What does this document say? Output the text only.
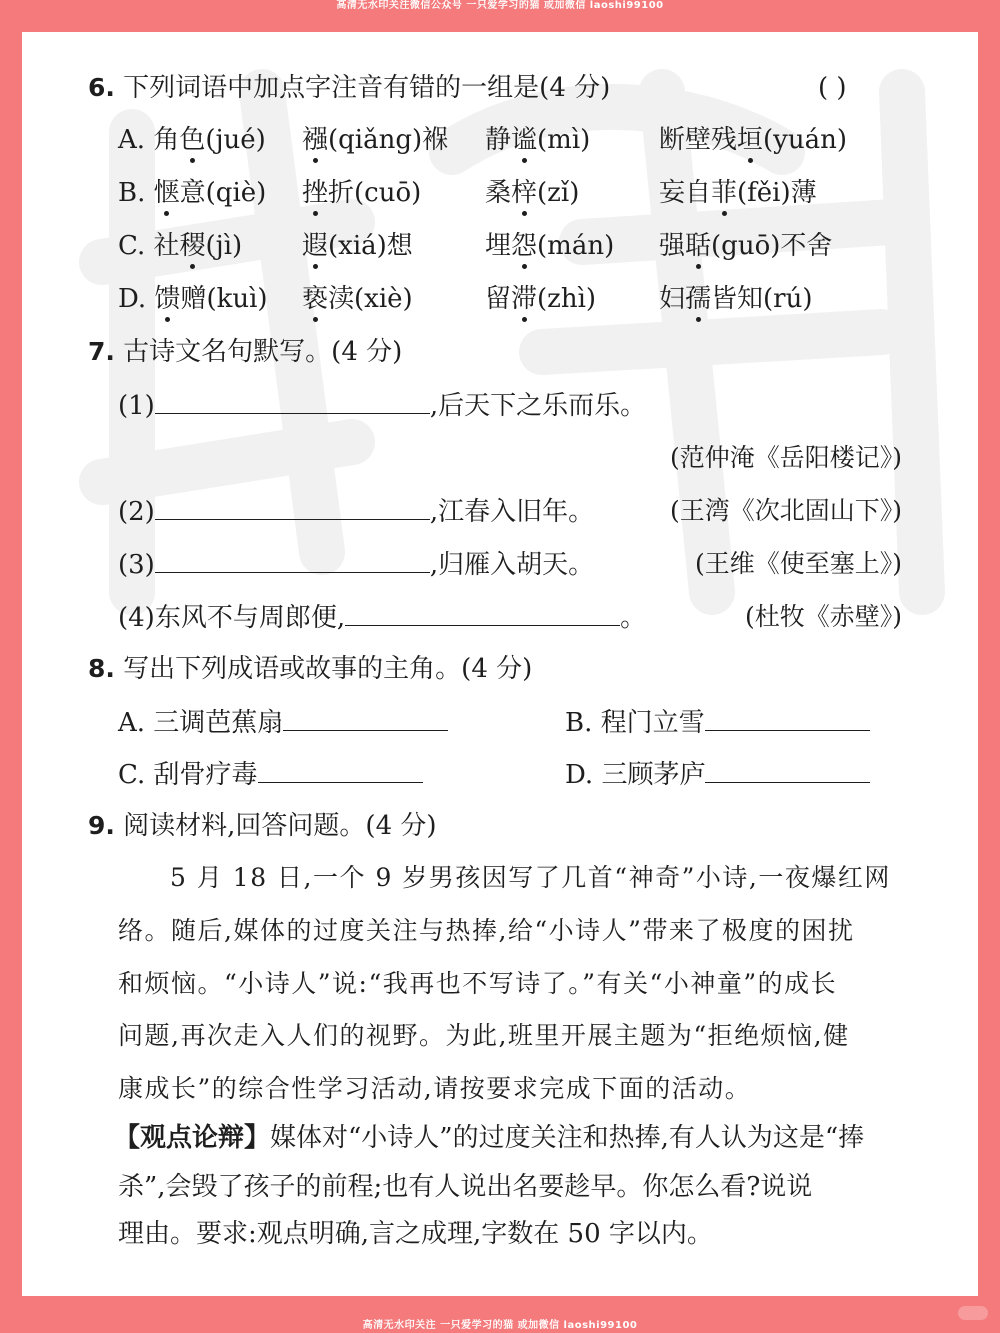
高清无水印关注微信公众号 一只爱学习的猫 或加微信 laoshi99100
6. 下列词语中加点字注音有错的一组是(4 分)	( )
A. 角色(jué) 襁(qiǎng)褓 静谧(mì)	断壁残垣(yuán)
B. 惬意(qiè) 挫折(cuō) 桑梓(zǐ)	妄自菲(fěi)薄
C. 社稷(jì) 遐(xiá)想	埋怨(mán) 强聒(guō)不舍
D. 馈赠(kuì) 亵渎(xiè)	留滞(zhì) 妇孺皆知(rú)
7. 古诗文名句默写。(4 分)
(1)	,后天下之乐而乐。
(范仲淹《岳阳楼记》)
(2)	,江春入旧年。	(王湾《次北固山下》)
(3)	,归雁入胡天。	(王维《使至塞上》)
(4)东风不与周郎便,	。	(杜牧《赤壁》)
8. 写出下列成语或故事的主角。(4 分)
A. 三调芭蕉扇	B. 程门立雪
C. 刮骨疗毒	D. 三顾茅庐
9. 阅读材料,回答问题。(4 分)
5 月 18 日,一个 9 岁男孩因写了几首“神奇”小诗,一夜爆红网
络。随后,媒体的过度关注与热捧,给“小诗人”带来了极度的困扰
和烦恼。“小诗人”说:“我再也不写诗了。”有关“小神童”的成长
问题,再次走入人们的视野。为此,班里开展主题为“拒绝烦恼,健
康成长”的综合性学习活动,请按要求完成下面的活动。
【观点论辩】媒体对“小诗人”的过度关注和热捧,有人认为这是“捧
杀”,会毁了孩子的前程;也有人说出名要趁早。你怎么看?说说
理由。要求:观点明确,言之成理,字数在 50 字以内。
高清无水印关注 一只爱学习的猫 或加微信 laoshi99100
